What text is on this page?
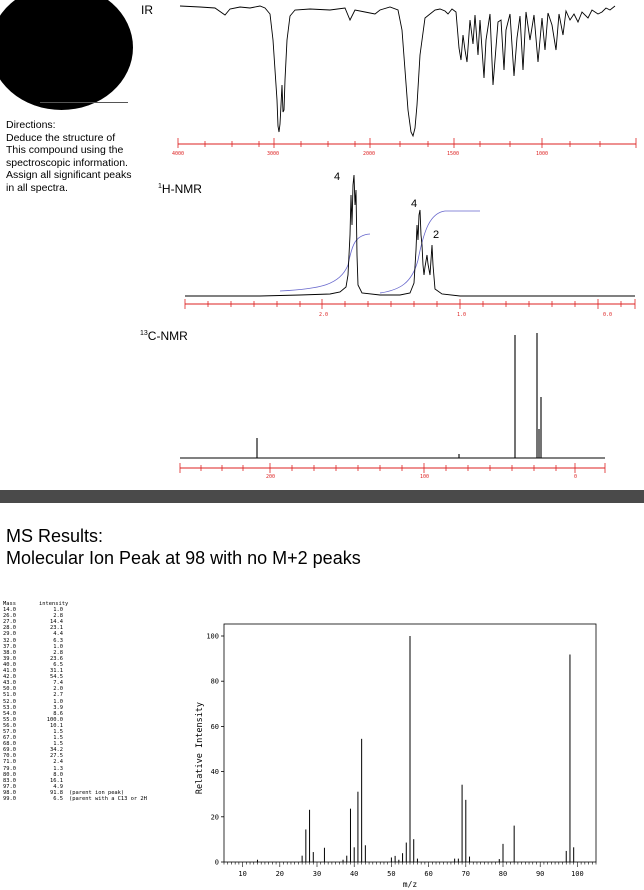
Directions:
Deduce the structure of
This compound using the
spectroscopic information.
Assign all significant peaks
in all spectra.
IR
4000	3000	2000	1500	1000
$^1$H-NMR
4
4
2
2.0	1.0	0.0
$^{13}$C-NMR
200	100	0
MS Results:
Molecular Ion Peak at 98 with no M+2 peaks
Mass	intensity
14.0	1.0
26.0	2.8
27.0	14.4
28.0	23.1
29.0	4.4
32.0	6.3
37.0	1.0
38.0	2.8
39.0	23.6
40.0	6.5
41.0	31.1
42.0	54.5
43.0	7.4
50.0	2.0
51.0	2.7
52.0	1.0
53.0	3.9
54.0	8.6
55.0	100.0
56.0	10.1
57.0	1.5
67.0	1.5
68.0	1.5
69.0	34.2
70.0	27.5
71.0	2.4
79.0	1.3
80.0	8.0
83.0	16.1
97.0	4.9
98.0	91.8	(parent ion peak)
99.0	6.5	(parent with a C13 or 2H
0
20
40
60
80
100
10	20	30	40	50	60	70	80	90	100
Relative Intensity
m/z
